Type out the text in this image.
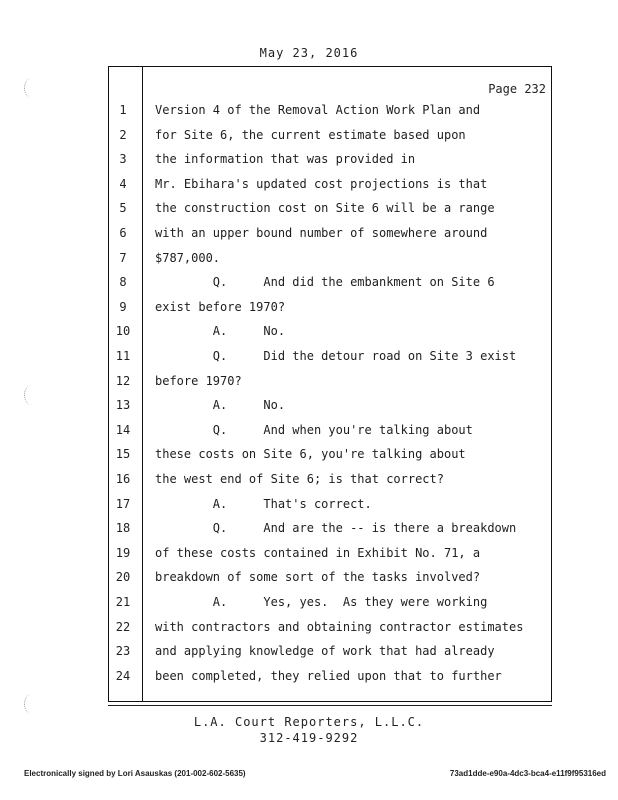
May 23, 2016
Page 232
1	Version 4 of the Removal Action Work Plan and
2	for Site 6, the current estimate based upon
3	the information that was provided in
4	Mr. Ebihara's updated cost projections is that
5	the construction cost on Site 6 will be a range
6	with an upper bound number of somewhere around
7	$787,000.
8	Q.     And did the embankment on Site 6
9	exist before 1970?
10	A.     No.
11	Q.     Did the detour road on Site 3 exist
12	before 1970?
13	A.     No.
14	Q.     And when you're talking about
15	these costs on Site 6, you're talking about
16	the west end of Site 6; is that correct?
17	A.     That's correct.
18	Q.     And are the -- is there a breakdown
19	of these costs contained in Exhibit No. 71, a
20	breakdown of some sort of the tasks involved?
21	A.     Yes, yes.  As they were working
22	with contractors and obtaining contractor estimates
23	and applying knowledge of work that had already
24	been completed, they relied upon that to further
L.A. Court Reporters, L.L.C.
312-419-9292
Electronically signed by Lori Asauskas (201-002-602-5635)	73ad1dde-e90a-4dc3-bca4-e11f9f95316ed
